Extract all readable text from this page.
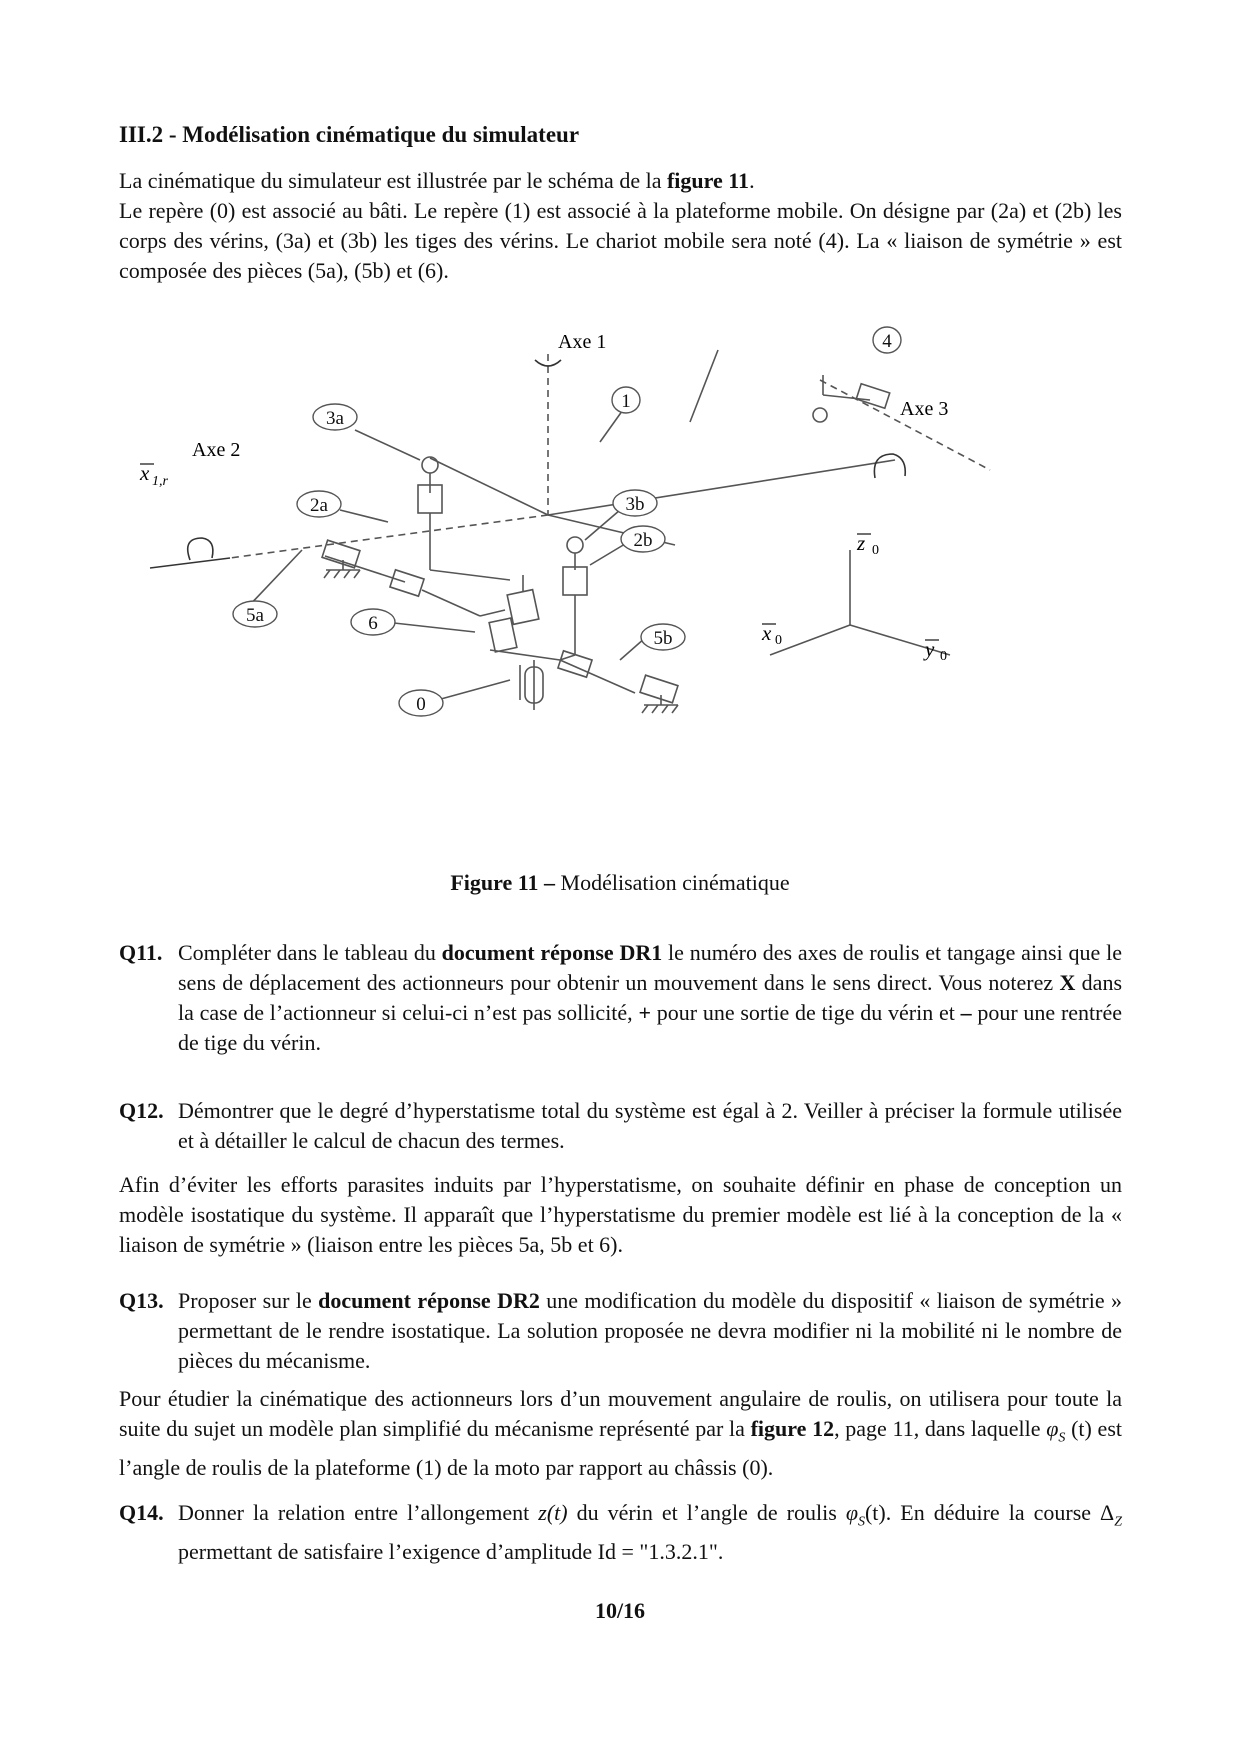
III.2 - Modélisation cinématique du simulateur

La cinématique du simulateur est illustrée par le schéma de la figure 11.
Le repère (0) est associé au bâti. Le repère (1) est associé à la plateforme mobile. On désigne par (2a) et (2b) les corps des vérins, (3a) et (3b) les tiges des vérins. Le chariot mobile sera noté (4). La « liaison de symétrie » est composée des pièces (5a), (5b) et (6).

Axe 1
Axe 2
Axe 3
x 1,r
z 0
x 0	y 0
4
1
3a
2a	3b
2b
5a	6
5b
0
Figure 11 – Modélisation cinématique
Q11. Compléter dans le tableau du document réponse DR1 le numéro des axes de roulis et tangage ainsi que le sens de déplacement des actionneurs pour obtenir un mouvement dans le sens direct. Vous noterez X dans la case de l’actionneur si celui-ci n’est pas sollicité, + pour une sortie de tige du vérin et – pour une rentrée de tige du vérin.
Q12. Démontrer que le degré d’hyperstatisme total du système est égal à 2. Veiller à préciser la formule utilisée et à détailler le calcul de chacun des termes.

Afin d’éviter les efforts parasites induits par l’hyperstatisme, on souhaite définir en phase de conception un modèle isostatique du système. Il apparaît que l’hyperstatisme du premier modèle est lié à la conception de la « liaison de symétrie » (liaison entre les pièces 5a, 5b et 6).

Q13. Proposer sur le document réponse DR2 une modification du modèle du dispositif « liaison de symétrie » permettant de le rendre isostatique. La solution proposée ne devra modifier ni la mobilité ni le nombre de pièces du mécanisme.

Pour étudier la cinématique des actionneurs lors d’un mouvement angulaire de roulis, on utilisera pour toute la suite du sujet un modèle plan simplifié du mécanisme représenté par la figure 12, page 11, dans laquelle $\varphi_S$ (t) est l’angle de roulis de la plateforme (1) de la moto par rapport au châssis (0).

Q14. Donner la relation entre l’allongement z(t) du vérin et l’angle de roulis $\varphi_S(t)$. En déduire la course $\Delta_Z$ permettant de satisfaire l’exigence d’amplitude Id = "1.3.2.1".
10/16
